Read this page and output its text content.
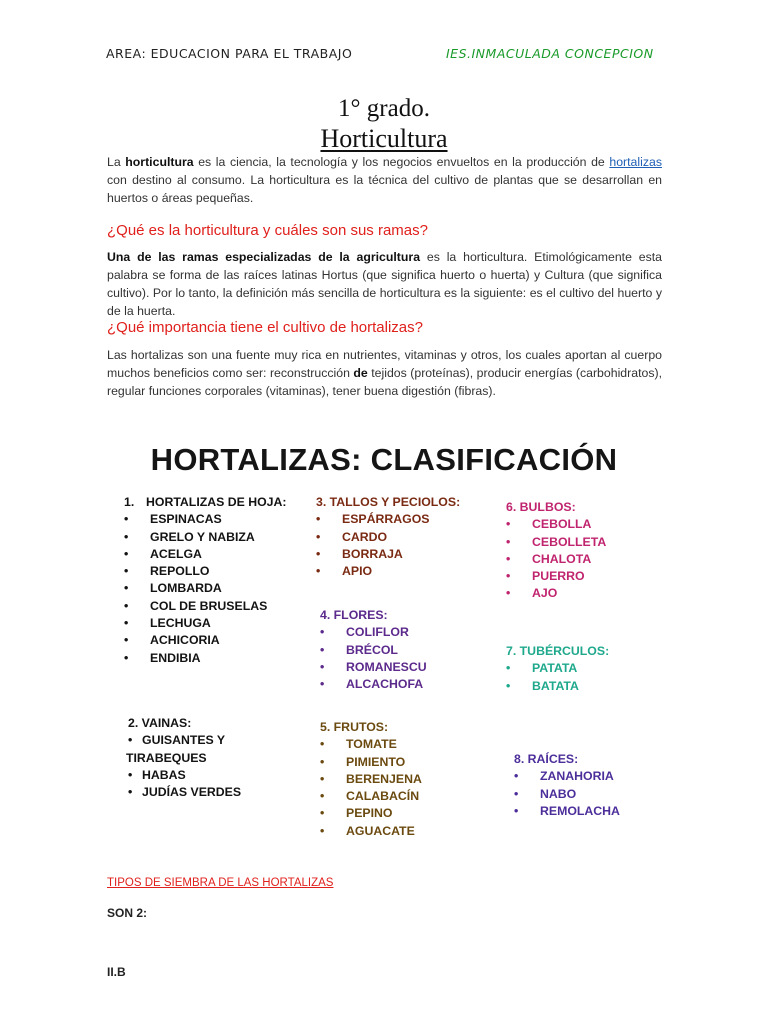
AREA: EDUCACION PARA EL TRABAJO	IES.INMACULADA CONCEPCION
1° grado.
Horticultura
La horticultura es la ciencia, la tecnología y los negocios envueltos en la producción de hortalizas con destino al consumo. La horticultura es la técnica del cultivo de plantas que se desarrollan en huertos o áreas pequeñas.
¿Qué es la horticultura y cuáles son sus ramas?
Una de las ramas especializadas de la agricultura es la horticultura. Etimológicamente esta palabra se forma de las raíces latinas Hortus (que significa huerto o huerta) y Cultura (que significa cultivo). Por lo tanto, la definición más sencilla de horticultura es la siguiente: es el cultivo del huerto y de la huerta.
¿Qué importancia tiene el cultivo de hortalizas?
Las hortalizas son una fuente muy rica en nutrientes, vitaminas y otros, los cuales aportan al cuerpo muchos beneficios como ser: reconstrucción de tejidos (proteínas), producir energías (carbohidratos), regular funciones corporales (vitaminas), tener buena digestión (fibras).
HORTALIZAS: CLASIFICACIÓN
1. HORTALIZAS DE HOJA:
• ESPINACAS
• GRELO Y NABIZA
• ACELGA
• REPOLLO
• LOMBARDA
• COL DE BRUSELAS
• LECHUGA
• ACHICORIA
• ENDIBIA
3. TALLOS Y PECIOLOS:
• ESPÁRRAGOS
• CARDO
• BORRAJA
• APIO
6. BULBOS:
• CEBOLLA
• CEBOLLETA
• CHALOTA
• PUERRO
• AJO
4. FLORES:
• COLIFLOR
• BRÉCOL
• ROMANESCU
• ALCACHOFA
7. TUBÉRCULOS:
• PATATA
• BATATA
2. VAINAS:
• GUISANTES Y
TIRABEQUES
• HABAS
• JUDÍAS VERDES
5. FRUTOS:
• TOMATE
• PIMIENTO
• BERENJENA
• CALABACÍN
• PEPINO
• AGUACATE
8. RAÍCES:
• ZANAHORIA
• NABO
• REMOLACHA
TIPOS DE SIEMBRA DE LAS HORTALIZAS
SON 2:
II.B
